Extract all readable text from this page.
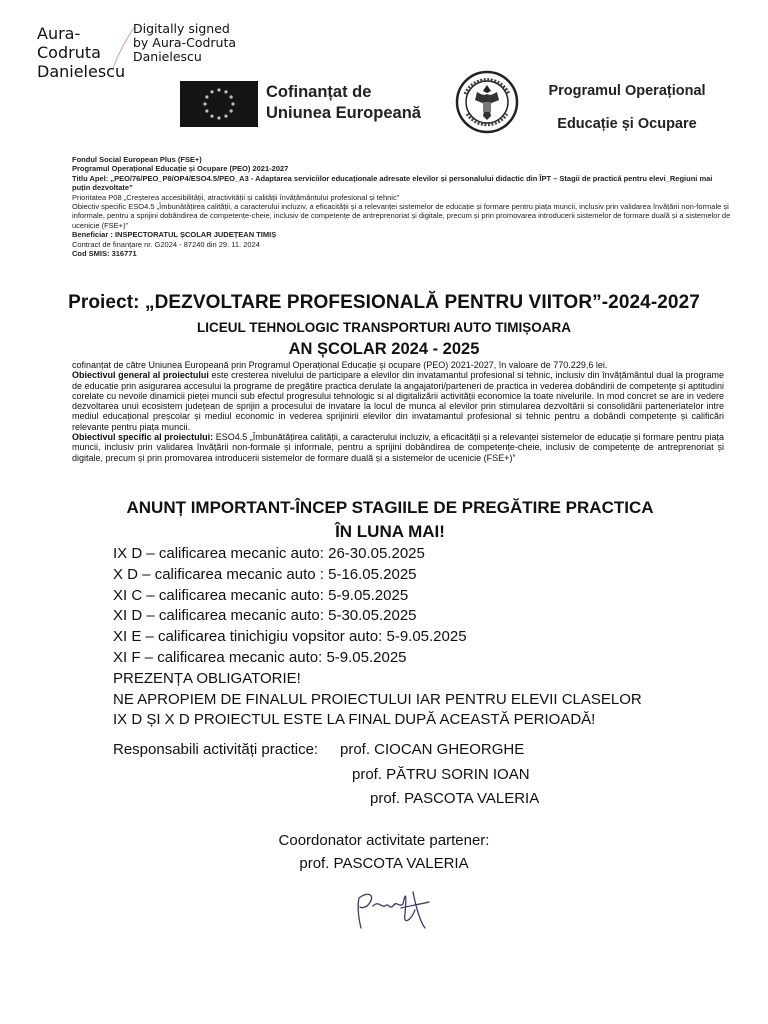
Aura-Codruta Danielescu
Digitally signed
by Aura-Codruta
Danielescu
Cofinanțat de
Uniunea Europeană
Programul Operațional
Educație și Ocupare

Fondul Social European Plus (FSE+)

Programul Operațional Educație și Ocupare (PEO) 2021-2027

Titlu Apel: „PEO/76/PEO_P8/OP4/ESO4.5/PEO_A3 - Adaptarea serviciilor educaționale adresate elevilor și personalului didactic din ÎPT – Stagii de practică pentru elevi_Regiuni mai puțin dezvoltate”

Prioritatea P08 „Creșterea accesibilității, atractivității și calității învățământului profesional și tehnic”

Obiectiv specific ESO4.5 „Îmbunătățirea calității, a caracterului incluziv, a eficacității și a relevanței sistemelor de educație și formare pentru piața muncii, inclusiv prin validarea învățării non-formale și informale, pentru a sprijini dobândirea de competențe-cheie, inclusiv de competențe de antreprenoriat și digitale, precum și prin promovarea introducerii sistemelor de formare duală și a sistemelor de ucenicie (FSE+)”

Beneficiar : INSPECTORATUL ȘCOLAR JUDEȚEAN TIMIȘ

Contract de finanțare nr. G2024 - 87240 din 29. 11. 2024

Cod SMIS: 316771

Proiect: „DEZVOLTARE PROFESIONALĂ PENTRU VIITOR”-2024-2027
LICEUL TEHNOLOGIC TRANSPORTURI AUTO TIMIȘOARA
AN ȘCOLAR 2024 - 2025

cofinanțat de către Uniunea Europeană prin Programul Operațional Educație și ocupare (PEO) 2021-2027, în valoare de 770.229,6 lei.

Obiectivul general al proiectului este cresterea nivelului de participare a elevilor din invatamantul profesional si tehnic, inclusiv din învățământul dual la programe de educatie prin asigurarea accesului la programe de pregătire practica derulate la angajatori/parteneri de practica in vederea dobândirii de competențe și aptitudini corelate cu nevoile dinamicii pieței muncii sub efectul progresului tehnologic si al digitalizării activității economice la toate nivelurile. In mod concret se are in vedere dezvoltarea unui ecosistem județean de sprijin a procesului de invatare la locul de munca al elevilor prin stimularea dezvoltării si consolidării parteneriatelor intre mediul educațional preșcolar și mediul economic in vederea sprijinirii elevilor din invatamantul profesional si tehnic pentru a dobândi competențe și calificări relevante pentru piața muncii.

Obiectivul specific al proiectului: ESO4.5 „Îmbunătățirea calității, a caracterului incluziv, a eficacității și a relevanței sistemelor de educație și formare pentru piața muncii, inclusiv prin validarea învățării non-formale și informale, pentru a sprijini dobândirea de competențe-cheie, inclusiv de competențe de antreprenoriat și digitale, precum și prin promovarea introducerii sistemelor de formare duală și a sistemelor de ucenicie (FSE+)”

ANUNȚ IMPORTANT-ÎNCEP STAGIILE DE PREGĂTIRE PRACTICA
ÎN LUNA MAI!
IX D – calificarea mecanic auto: 26-30.05.2025
X D – calificarea mecanic auto : 5-16.05.2025
XI C – calificarea mecanic auto: 5-9.05.2025
XI D – calificarea mecanic auto: 5-30.05.2025
XI E – calificarea tinichigiu vopsitor auto: 5-9.05.2025
XI F – calificarea mecanic auto: 5-9.05.2025
PREZENȚA OBLIGATORIE!
NE APROPIEM DE FINALUL PROIECTULUI IAR PENTRU ELEVII CLASELOR
IX D ȘI X D PROIECTUL ESTE LA FINAL DUPĂ ACEASTĂ PERIOADĂ!
Responsabili activități practice: prof. CIOCAN GHEORGHE
prof. PĂTRU SORIN IOAN
prof. PASCOTA VALERIA
Coordonator activitate partener:
prof. PASCOTA VALERIA
